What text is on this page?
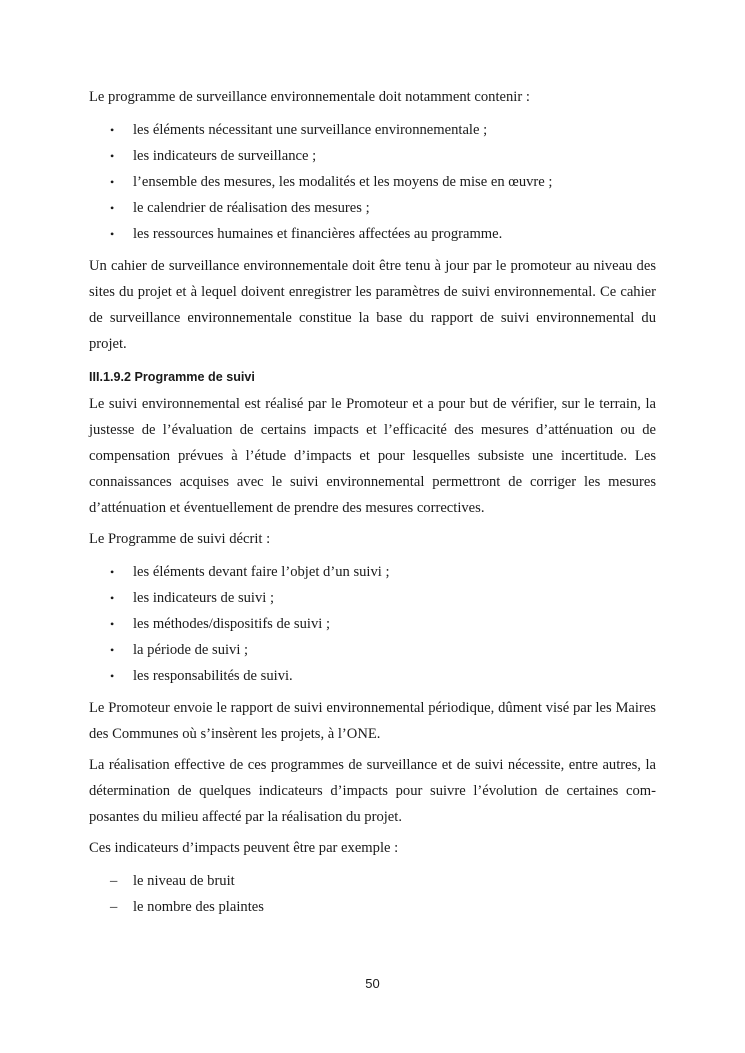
Le programme de surveillance environnementale doit notamment contenir :

• les éléments nécessitant une surveillance environnementale ;
• les indicateurs de surveillance ;
• l’ensemble des mesures, les modalités et les moyens de mise en œuvre ;
• le calendrier de réalisation des mesures ;
• les ressources humaines et financières affectées au programme.

Un cahier de surveillance environnementale doit être tenu à jour par le promoteur au niveau des sites du projet et à lequel doivent enregistrer les paramètres de suivi environnemental. Ce cahier de surveillance environnementale constitue la base du rapport de suivi environnemental du projet.

III.1.9.2 Programme de suivi

Le suivi environnemental est réalisé par le Promoteur et a pour but de vérifier, sur le terrain, la justesse de l’évaluation de certains impacts et l’efficacité des mesures d’atténuation ou de compensation prévues à l’étude d’impacts et pour lesquelles subsiste une incertitude. Les connaissances acquises avec le suivi environnemental permettront de corriger les mesures d’atténuation et éventuellement de prendre des mesures correctives.

Le Programme de suivi décrit :

• les éléments devant faire l’objet d’un suivi ;
• les indicateurs de suivi ;
• les méthodes/dispositifs de suivi ;
• la période de suivi ;
• les responsabilités de suivi.

Le Promoteur envoie le rapport de suivi environnemental périodique, dûment visé par les Maires des Communes où s’insèrent les projets, à l’ONE.

La réalisation effective de ces programmes de surveillance et de suivi nécessite, entre autres, la détermination de quelques indicateurs d’impacts pour suivre l’évolution de certaines com-posantes du milieu affecté par la réalisation du projet.

Ces indicateurs d’impacts peuvent être par exemple :

– le niveau de bruit
– le nombre des plaintes
50
